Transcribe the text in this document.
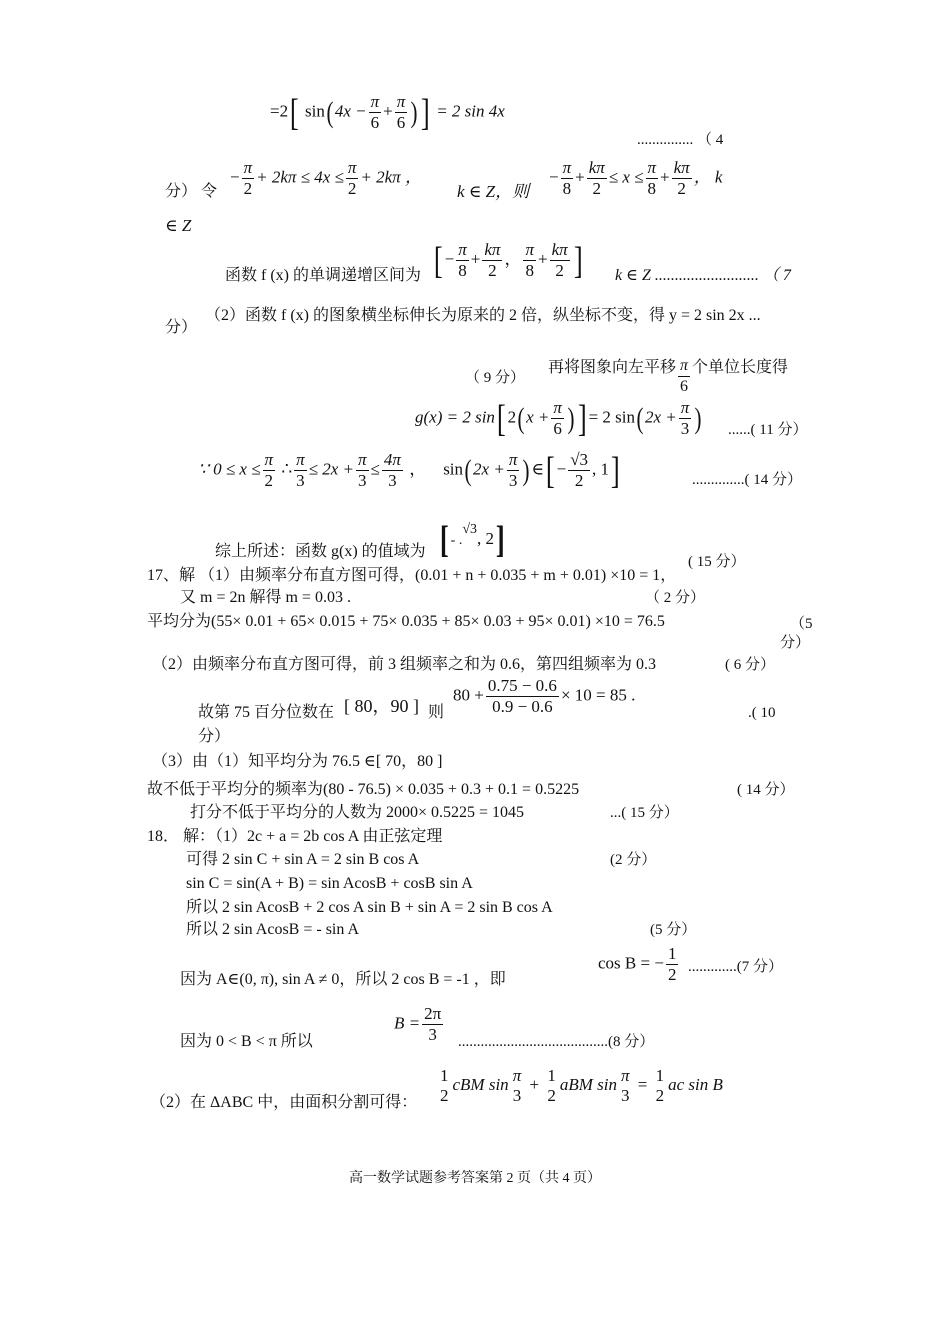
=2[ $\sin(4x - \frac{\pi}{6} + \frac{\pi}{6}$ )] = 2 sin 4x
............... （ 4
分） 令
− $\frac{\pi}{2} + 2k\pi \le 4x \le \frac{\pi}{2} + 2k\pi$ ，
k ∈ Z，则
− $\frac{\pi}{8} + \frac{k\pi}{2} \le x \le \frac{\pi}{8} + \frac{k\pi}{2}$ ， k
∈ Z
函数 f (x) 的单调递增区间为 [ − $\frac{\pi}{8} + \frac{k\pi}{2}$ ， $\frac{\pi}{8} + \frac{k\pi}{2}$ ] k ∈ Z .......................... （ 7
分）
（2）函数 f (x) 的图象横坐标伸长为原来的 2 倍，纵坐标不变，得 y = 2 sin 2x ...
（ 9 分）
再将图象向左平移 $\frac{\pi}{6}$ 个单位长度得
g(x) = 2 sin[ $2(x + \frac{\pi}{6}$ )] = 2 $\sin(2x + \frac{\pi}{3}$ ) ......( 11 分）
∵ $0 \le x \le \frac{\pi}{2}$ ∴ $\frac{\pi}{3} \le 2x + \frac{\pi}{3} \le \frac{4\pi}{3}$ ， $\sin(2x + \frac{\pi}{3}$ )∈[ − $\frac{√3}{2}$ , 1]	..............( 14 分）
综上所述：函数 g(x) 的值域为 [ - .$^{√3}$, 2]
( 15 分）
17、解 （1）由频率分布直方图可得，(0.01 + n + 0.035 + m + 0.01) ×10 = 1，
又 m = 2n 解得 m = 0.03 .	（ 2 分）
平均分为(55× 0.01 + 65× 0.015 + 75× 0.035 + 85× 0.03 + 95× 0.01) ×10 = 76.5	（5
分）
（2）由频率分布直方图可得，前 3 组频率之和为 0.6，第四组频率为 0.3	( 6 分）
故第 75 百分位数在 [ 80，90 ] 则
$80 + \frac{0.75 - 0.6}{0.9 - 0.6} \times 10 = 85$ .
.( 10
分）
（3）由（1）知平均分为 76.5 ∈[ 70，80 ]
故不低于平均分的频率为(80 - 76.5) × 0.035 + 0.3 + 0.1 = 0.5225	( 14 分）
打分不低于平均分的人数为 2000× 0.5225 = 1045	...( 15 分）
18． 解：（1）2c + a = 2b cos A 由正弦定理
可得 2 sin C + sin A = 2 sin B cos A	(2 分）
sin C = sin(A + B) = sin AcosB + cosB sin A
所以 2 sin AcosB + 2 cos A sin B + sin A = 2 sin B cos A
所以 2 sin AcosB = - sin A	(5 分）
因为 A∈(0, π), sin A ≠ 0，所以 2 cos B = -1 ，即
cos B = − $\frac{1}{2} .............(7$ 分）
因为 0 < B < π 所以
$B = \frac{2\pi}{3} ........................................(8$ 分）
（2）在 ΔABC 中，由面积分割可得：
1
2
cBM sin π
3
+ 1
2
aBM sin π
3
= 1
2
ac sin B
高一数学试题参考答案第 2 页（共 4 页）
